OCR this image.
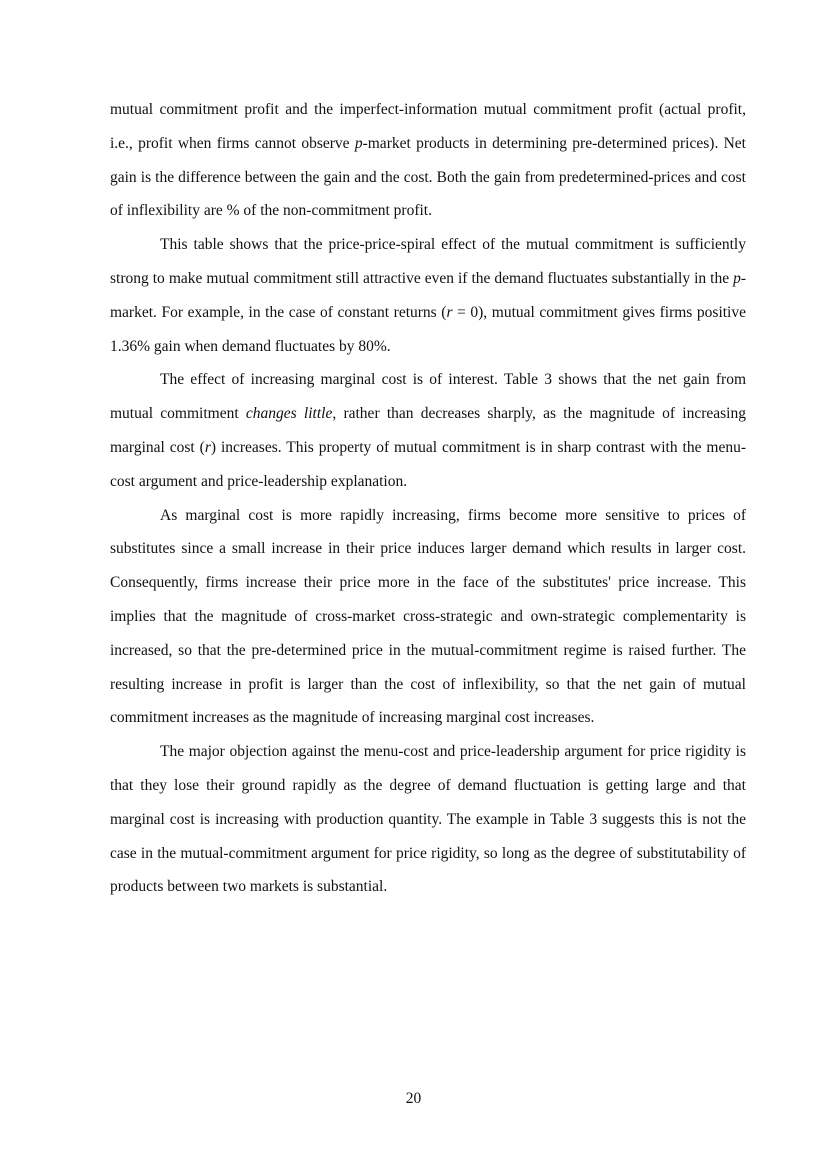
mutual commitment profit and the imperfect-information mutual commitment profit (actual profit, i.e., profit when firms cannot observe p-market products in determining pre-determined prices). Net gain is the difference between the gain and the cost. Both the gain from predetermined-prices and cost of inflexibility are % of the non-commitment profit.

This table shows that the price-price-spiral effect of the mutual commitment is sufficiently strong to make mutual commitment still attractive even if the demand fluctuates substantially in the p-market. For example, in the case of constant returns (r = 0), mutual commitment gives firms positive 1.36% gain when demand fluctuates by 80%.

The effect of increasing marginal cost is of interest. Table 3 shows that the net gain from mutual commitment changes little, rather than decreases sharply, as the magnitude of increasing marginal cost (r) increases. This property of mutual commitment is in sharp contrast with the menu-cost argument and price-leadership explanation.

As marginal cost is more rapidly increasing, firms become more sensitive to prices of substitutes since a small increase in their price induces larger demand which results in larger cost. Consequently, firms increase their price more in the face of the substitutes' price increase. This implies that the magnitude of cross-market cross-strategic and own-strategic complementarity is increased, so that the pre-determined price in the mutual-commitment regime is raised further. The resulting increase in profit is larger than the cost of inflexibility, so that the net gain of mutual commitment increases as the magnitude of increasing marginal cost increases.

The major objection against the menu-cost and price-leadership argument for price rigidity is that they lose their ground rapidly as the degree of demand fluctuation is getting large and that marginal cost is increasing with production quantity. The example in Table 3 suggests this is not the case in the mutual-commitment argument for price rigidity, so long as the degree of substitutability of products between two markets is substantial.

20
